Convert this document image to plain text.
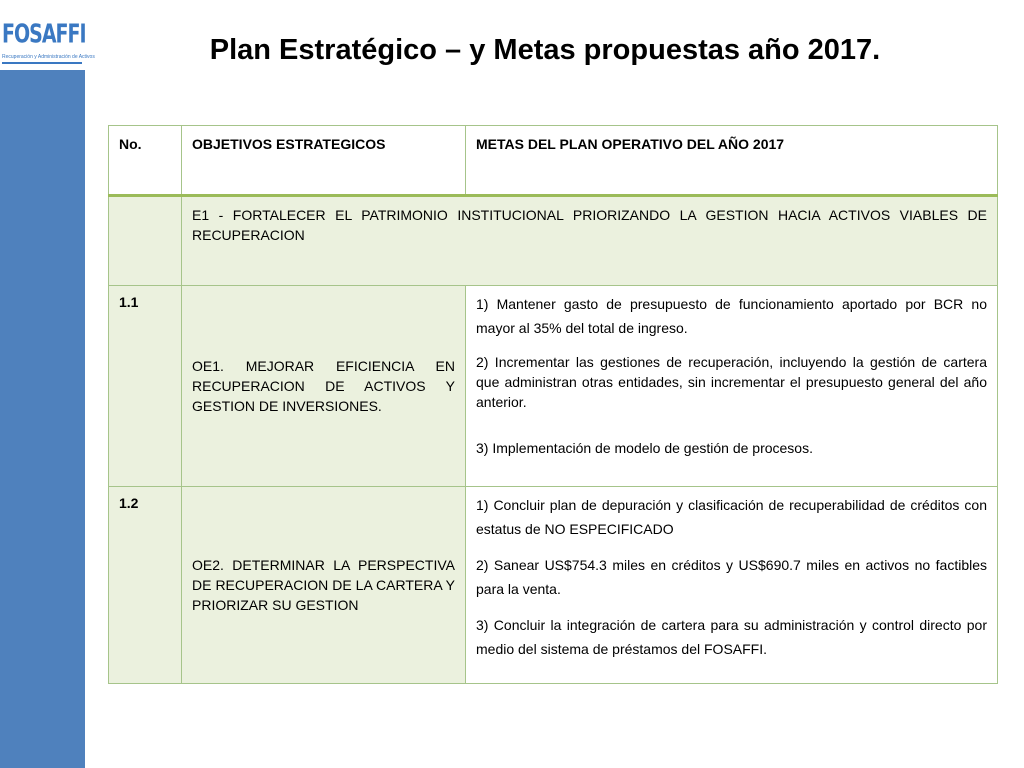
FOSAFFI
Recuperación y Administración de Activos	Plan Estratégico – y Metas propuestas año 2017.
No.	OBJETIVOS ESTRATEGICOS	METAS DEL PLAN OPERATIVO DEL AÑO 2017
	E1 - FORTALECER EL PATRIMONIO INSTITUCIONAL PRIORIZANDO LA GESTION HACIA ACTIVOS VIABLES DE RECUPERACION	
1.1	OE1. MEJORAR EFICIENCIA EN RECUPERACION DE ACTIVOS Y GESTION DE INVERSIONES.	1) Mantener gasto de presupuesto de funcionamiento aportado por BCR no mayor al 35% del total de ingreso.

2) Incrementar las gestiones de recuperación, incluyendo la gestión de cartera que administran otras entidades, sin incrementar el presupuesto general del año anterior.

3) Implementación de modelo de gestión de procesos.

1.2	OE2. DETERMINAR LA PERSPECTIVA DE RECUPERACION DE LA CARTERA Y PRIORIZAR SU GESTION	1) Concluir plan de depuración y clasificación de recuperabilidad de créditos con estatus de NO ESPECIFICADO

2) Sanear US$754.3 miles en créditos y US$690.7 miles en activos no factibles para la venta.

3) Concluir la integración de cartera para su administración y control directo por medio del sistema de préstamos del FOSAFFI.
